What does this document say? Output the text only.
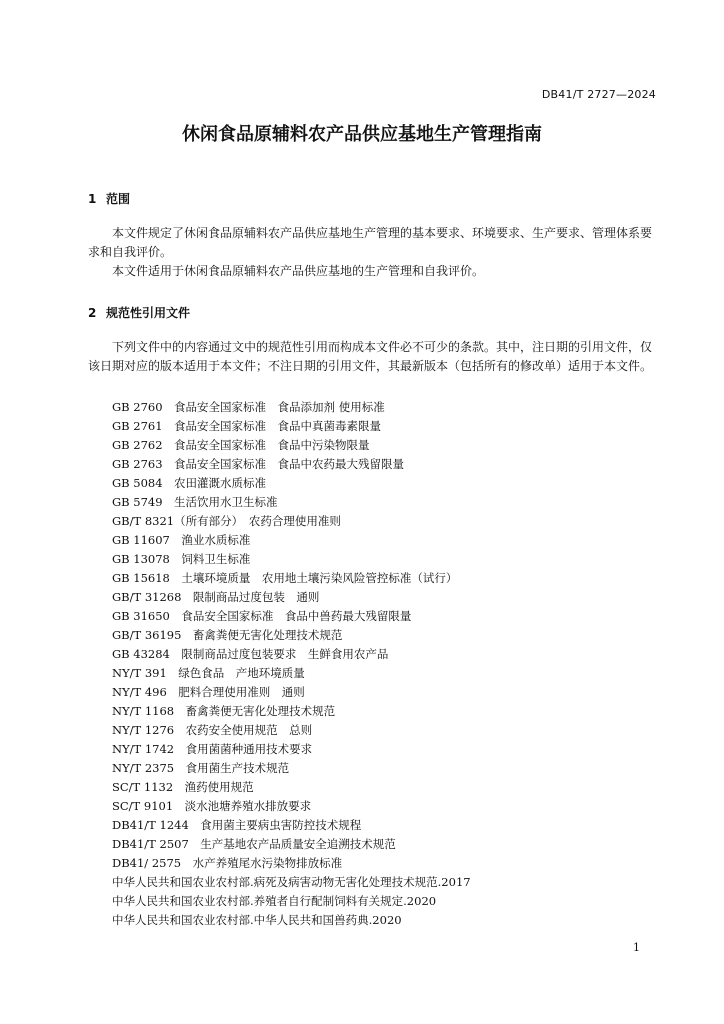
DB41/T 2727—2024
休闲食品原辅料农产品供应基地生产管理指南
1 范围
本文件规定了休闲食品原辅料农产品供应基地生产管理的基本要求、环境要求、生产要求、管理体系要求和自我评价。
本文件适用于休闲食品原辅料农产品供应基地的生产管理和自我评价。
2 规范性引用文件
下列文件中的内容通过文中的规范性引用而构成本文件必不可少的条款。其中，注日期的引用文件，仅该日期对应的版本适用于本文件；不注日期的引用文件，其最新版本（包括所有的修改单）适用于本文件。
GB 2760　食品安全国家标准　食品添加剂 使用标准
GB 2761　食品安全国家标准　食品中真菌毒素限量
GB 2762　食品安全国家标准　食品中污染物限量
GB 2763　食品安全国家标准　食品中农药最大残留限量
GB 5084　农田灌溉水质标准
GB 5749　生活饮用水卫生标准
GB/T 8321（所有部分）　农药合理使用准则
GB 11607　渔业水质标准
GB 13078　饲料卫生标准
GB 15618　土壤环境质量　农用地土壤污染风险管控标准（试行）
GB/T 31268　限制商品过度包装　通则
GB 31650　食品安全国家标准　食品中兽药最大残留限量
GB/T 36195　畜禽粪便无害化处理技术规范
GB 43284　限制商品过度包装要求　生鲜食用农产品
NY/T 391　绿色食品　产地环境质量
NY/T 496　肥料合理使用准则　通则
NY/T 1168　畜禽粪便无害化处理技术规范
NY/T 1276　农药安全使用规范　总则
NY/T 1742　食用菌菌种通用技术要求
NY/T 2375　食用菌生产技术规范
SC/T 1132　渔药使用规范
SC/T 9101　淡水池塘养殖水排放要求
DB41/T 1244　食用菌主要病虫害防控技术规程
DB41/T 2507　生产基地农产品质量安全追溯技术规范
DB41/ 2575　水产养殖尾水污染物排放标准
中华人民共和国农业农村部.病死及病害动物无害化处理技术规范.2017
中华人民共和国农业农村部.养殖者自行配制饲料有关规定.2020
中华人民共和国农业农村部.中华人民共和国兽药典.2020
1
